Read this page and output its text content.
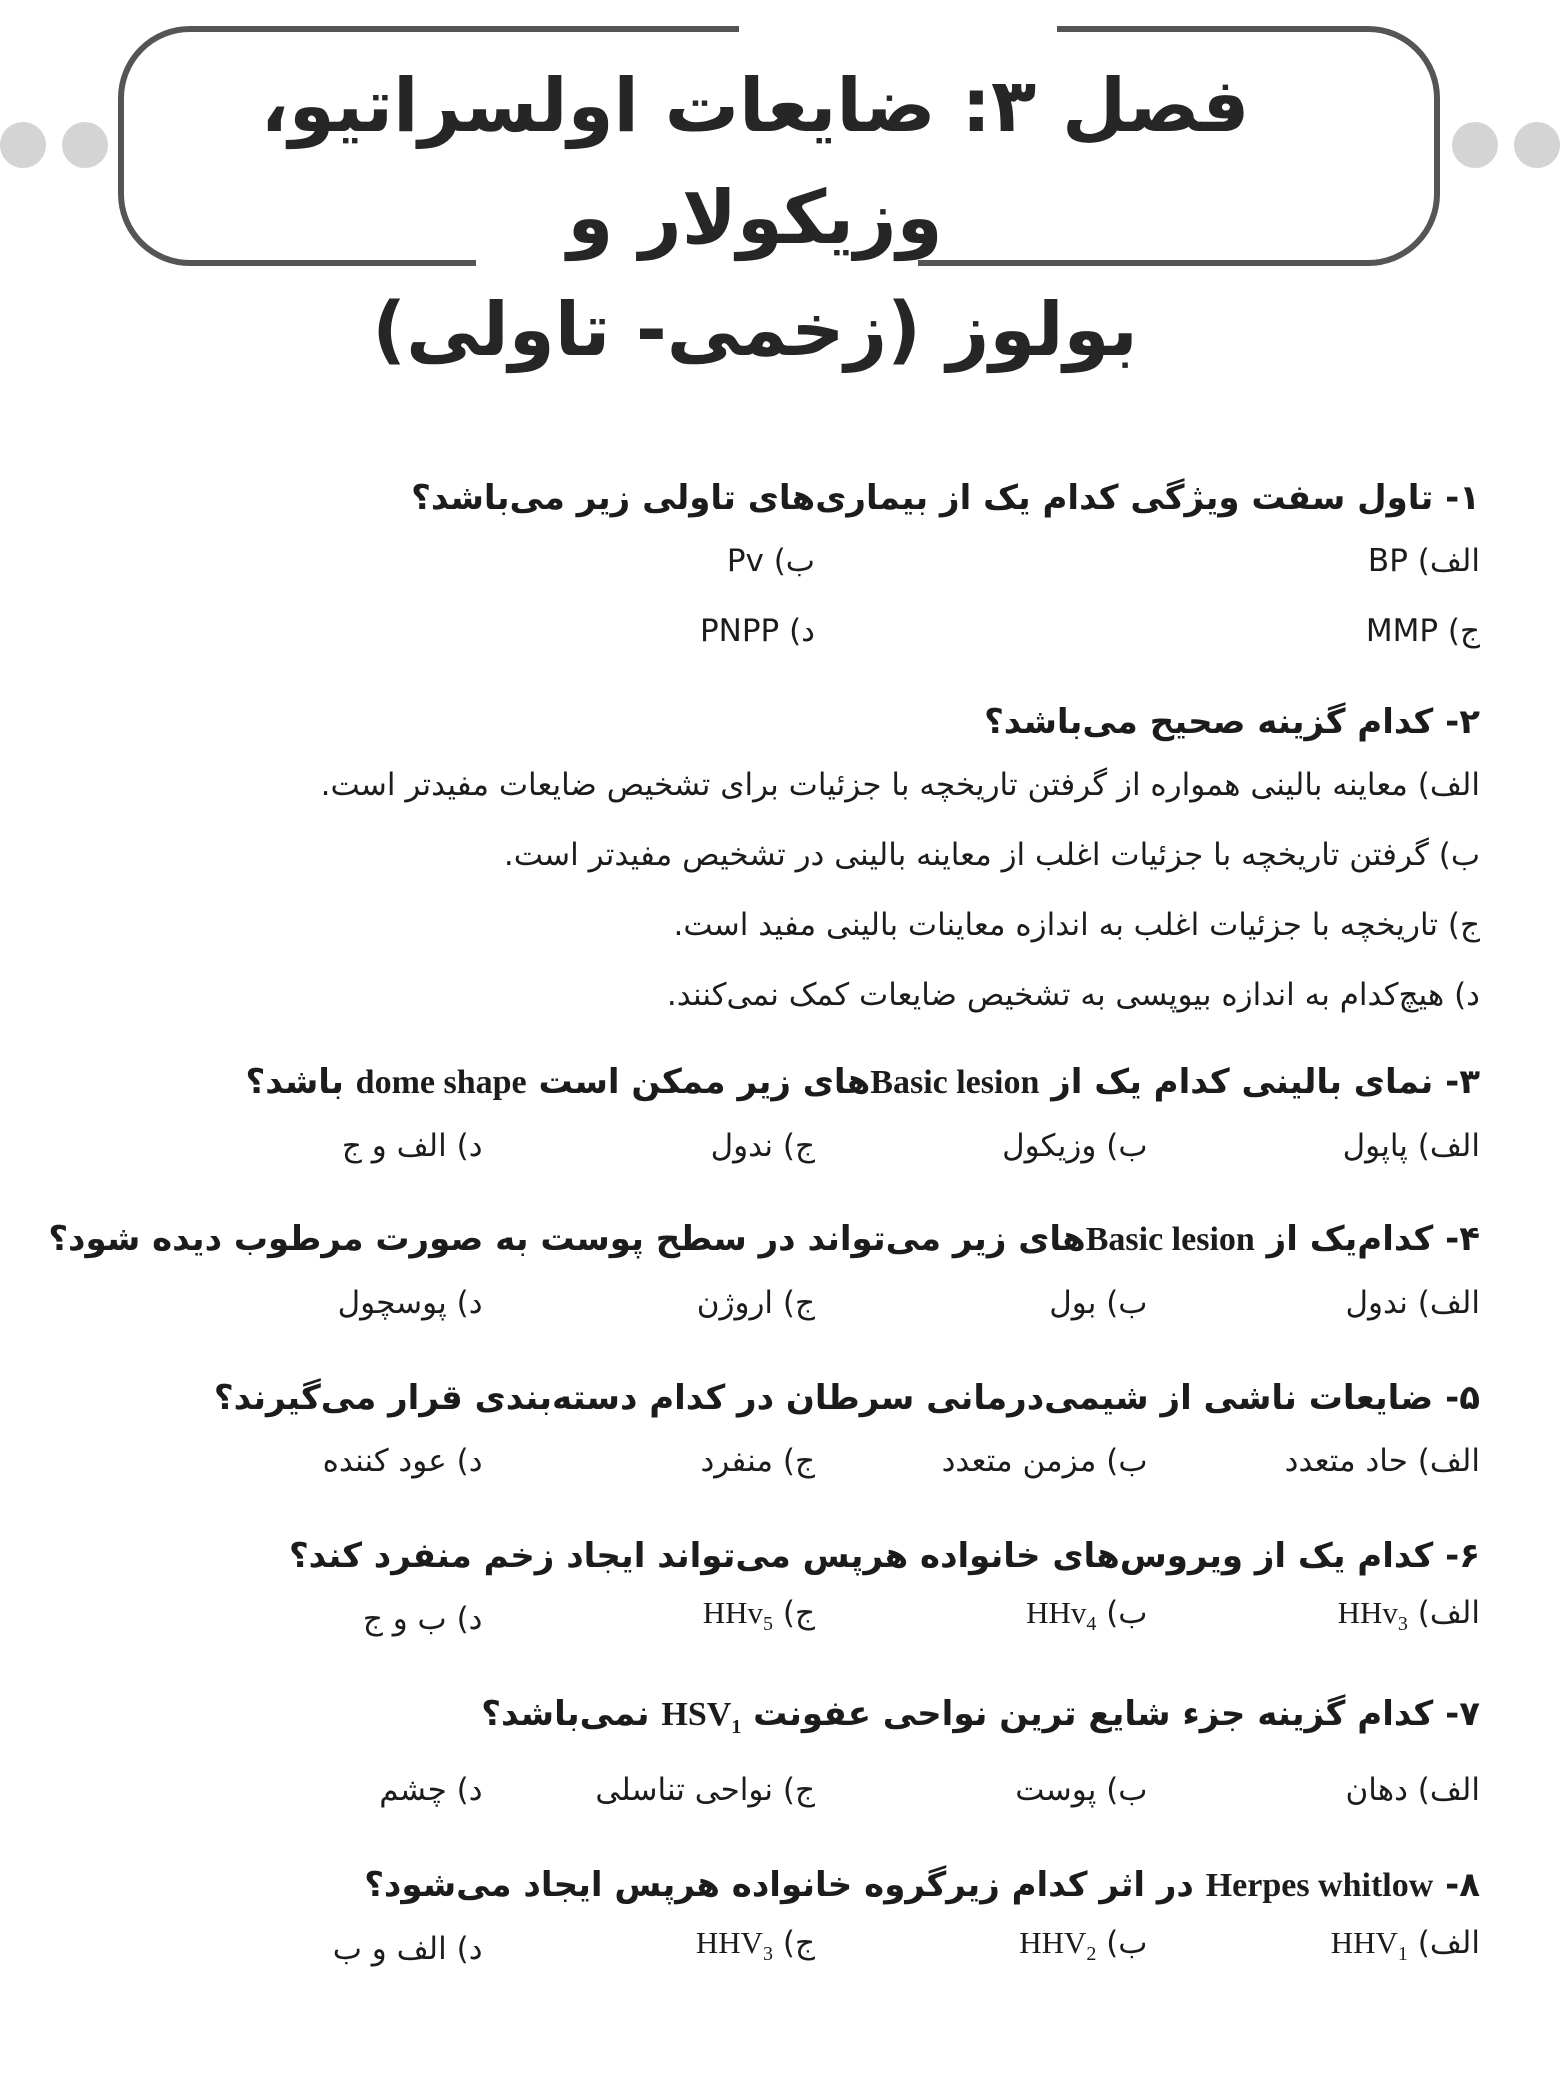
فصل ۳: ضایعات اولسراتیو، وزیکولار و
بولوز (زخمی- تاولی)
۱- تاول سفت ویژگی کدام یک از بیماری‌های تاولی زیر می‌باشد؟
الف) BP
ب) Pv
ج) MMP
د) PNPP
۲- کدام گزینه صحیح می‌باشد؟
الف) معاینه بالینی همواره از گرفتن تاریخچه با جزئیات برای تشخیص ضایعات مفیدتر است.
ب) گرفتن تاریخچه با جزئیات اغلب از معاینه بالینی در تشخیص مفیدتر است.
ج) تاریخچه با جزئیات اغلب به اندازه معاینات بالینی مفید است.
د) هیچ‌کدام به اندازه بیوپسی به تشخیص ضایعات کمک نمی‌کنند.
۳- نمای بالینی کدام یک از Basic lesionهای زیر ممکن است dome shape باشد؟
الف) پاپول
ب) وزیکول
ج) ندول
د) الف و ج
۴- کدام‌یک از Basic lesionهای زیر می‌تواند در سطح پوست به صورت مرطوب دیده شود؟
الف) ندول
ب) بول
ج) اروژن
د) پوسچول
۵- ضایعات ناشی از شیمی‌درمانی سرطان در کدام دسته‌بندی قرار می‌گیرند؟
الف) حاد متعدد
ب) مزمن متعدد
ج) منفرد
د) عود کننده
۶- کدام یک از ویروس‌های خانواده هرپس می‌تواند ایجاد زخم منفرد کند؟
الف) HHv$_3$
ب) HHv$_4$
ج) HHv$_5$
د) ب و ج
۷- کدام گزینه جزء شایع ترین نواحی عفونت $HSV_1$ نمی‌باشد؟
الف) دهان
ب) پوست
ج) نواحی تناسلی
د) چشم
۸- Herpes whitlow در اثر کدام زیرگروه خانواده هرپس ایجاد می‌شود؟
الف) $HHV_1$
ب) $HHV_2$
ج) $HHV_3$
د) الف و ب
